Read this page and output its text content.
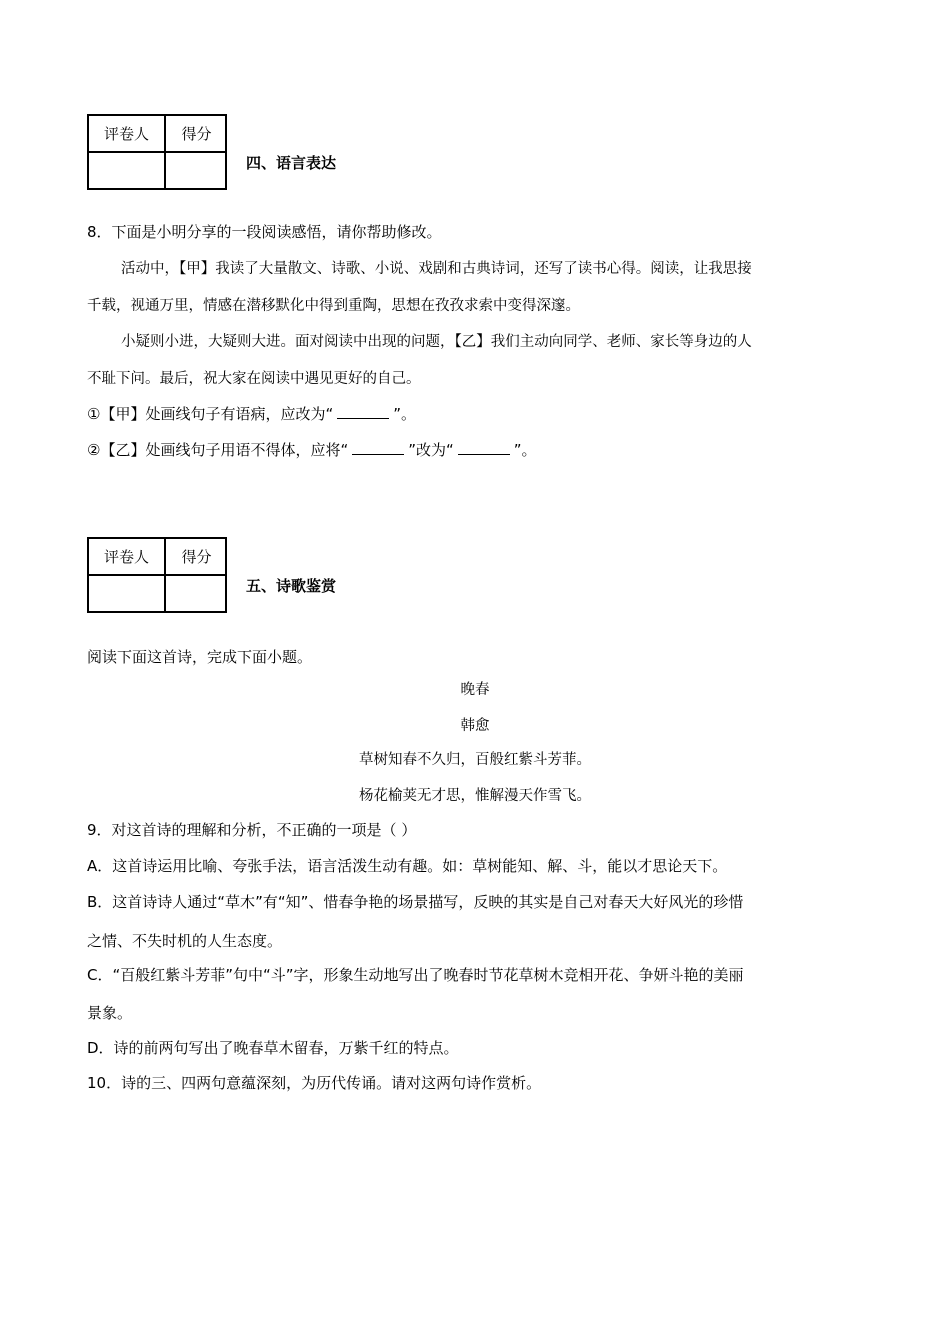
评卷人	得分
四、语言表达
8．下面是小明分享的一段阅读感悟，请你帮助修改。
活动中，【甲】我读了大量散文、诗歌、小说、戏剧和古典诗词，还写了读书心得。阅读，让我思接
千载，视通万里，情感在潜移默化中得到重陶，思想在孜孜求索中变得深邃。
小疑则小进，大疑则大进。面对阅读中出现的问题，【乙】我们主动向同学、老师、家长等身边的人
不耻下问。最后，祝大家在阅读中遇见更好的自己。
①【甲】处画线句子有语病，应改为“	”。
②【乙】处画线句子用语不得体，应将“	”改为“	”。
评卷人	得分
五、诗歌鉴赏
阅读下面这首诗，完成下面小题。
晚春
韩愈
草树知春不久归，百般红紫斗芳菲。
杨花榆荚无才思，惟解漫天作雪飞。
9．对这首诗的理解和分析，不正确的一项是（ ）
A．这首诗运用比喻、夸张手法，语言活泼生动有趣。如：草树能知、解、斗，能以才思论天下。
B．这首诗诗人通过“草木”有“知”、惜春争艳的场景描写，反映的其实是自己对春天大好风光的珍惜
之情、不失时机的人生态度。
C．“百般红紫斗芳菲”句中“斗”字，形象生动地写出了晚春时节花草树木竞相开花、争妍斗艳的美丽
景象。
D．诗的前两句写出了晚春草木留春，万紫千红的特点。
10．诗的三、四两句意蕴深刻，为历代传诵。请对这两句诗作赏析。
